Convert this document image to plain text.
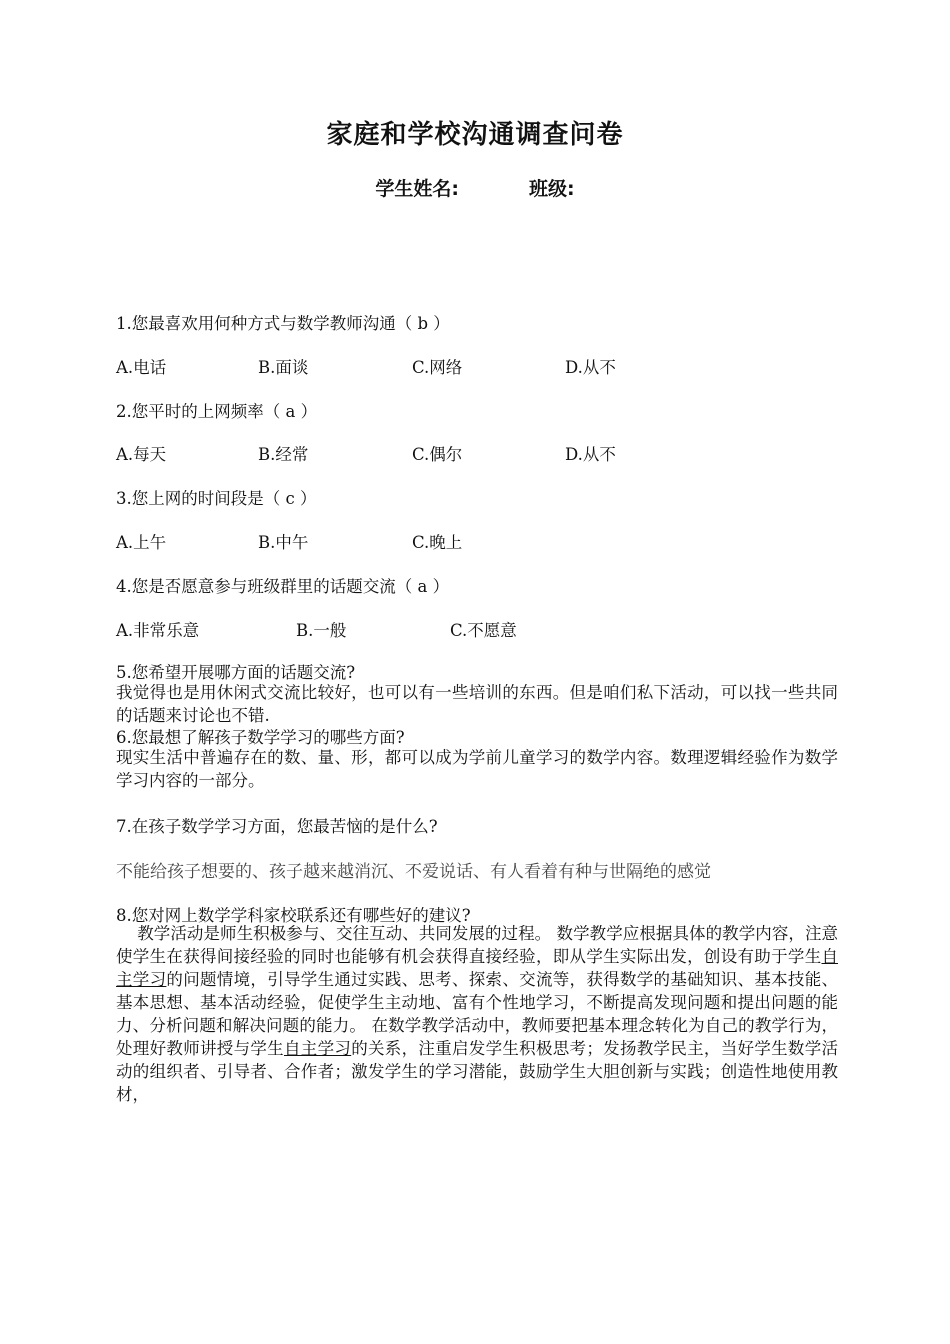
家庭和学校沟通调查问卷
学生姓名:	班级:
1.您最喜欢用何种方式与数学教师沟通（ b ）
A.电话	B.面谈	C.网络	D.从不
2.您平时的上网频率（ a ）
A.每天	B.经常	C.偶尔	D.从不
3.您上网的时间段是（ c ）
A.上午	B.中午	C.晚上
4.您是否愿意参与班级群里的话题交流（ a ）
A.非常乐意	B.一般	C.不愿意
5.您希望开展哪方面的话题交流?
我觉得也是用休闲式交流比较好，也可以有一些培训的东西。但是咱们私下活动，可以找一些共同的话题来讨论也不错.
6.您最想了解孩子数学学习的哪些方面?
现实生活中普遍存在的数、量、形，都可以成为学前儿童学习的数学内容。数理逻辑经验作为数学学习内容的一部分。
7.在孩子数学学习方面，您最苦恼的是什么?
不能给孩子想要的、孩子越来越消沉、不爱说话、有人看着有种与世隔绝的感觉
8.您对网上数学学科家校联系还有哪些好的建议?
教学活动是师生积极参与、交往互动、共同发展的过程。 数学教学应根据具体的教学内容，注意使学生在获得间接经验的同时也能够有机会获得直接经验，即从学生实际出发，创设有助于学生自主学习的问题情境，引导学生通过实践、思考、探索、交流等，获得数学的基础知识、基本技能、基本思想、基本活动经验，促使学生主动地、富有个性地学习，不断提高发现问题和提出问题的能力、分析问题和解决问题的能力。 在数学教学活动中，教师要把基本理念转化为自己的教学行为， 处理好教师讲授与学生自主学习的关系，注重启发学生积极思考；发扬教学民主，当好学生数学活动的组织者、引导者、合作者；激发学生的学习潜能，鼓励学生大胆创新与实践；创造性地使用教材，
